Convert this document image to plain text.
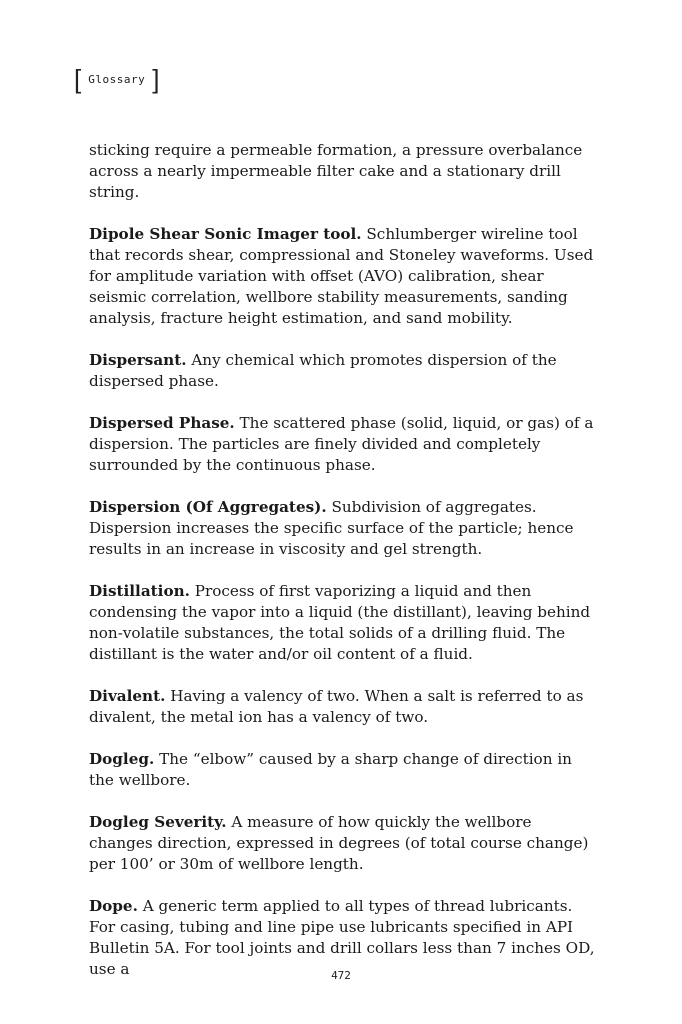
[ Glossary ]

sticking require a permeable formation, a pressure overbalance across a nearly impermeable filter cake and a stationary drill string.

Dipole Shear Sonic Imager tool. Schlumberger wireline tool that records shear, compressional and Stoneley waveforms. Used for amplitude variation with offset (AVO) calibration, shear seismic correlation, wellbore stability measurements, sanding analysis, fracture height estimation, and sand mobility.

Dispersant. Any chemical which promotes dispersion of the dispersed phase.

Dispersed Phase. The scattered phase (solid, liquid, or gas) of a dispersion. The particles are finely divided and completely surrounded by the continuous phase.

Dispersion (Of Aggregates). Subdivision of aggregates. Dispersion increases the specific surface of the particle; hence results in an increase in viscosity and gel strength.

Distillation. Process of first vaporizing a liquid and then condensing the vapor into a liquid (the distillant), leaving behind non-volatile substances, the total solids of a drilling fluid. The distillant is the water and/or oil content of a fluid.

Divalent. Having a valency of two. When a salt is referred to as divalent, the metal ion has a valency of two.

Dogleg. The “elbow” caused by a sharp change of direction in the wellbore.

Dogleg Severity. A measure of how quickly the wellbore changes direction, expressed in degrees (of total course change) per 100’ or 30m of wellbore length.

Dope. A generic term applied to all types of thread lubricants. For casing, tubing and line pipe use lubricants specified in API Bulletin 5A. For tool joints and drill collars less than 7 inches OD, use a	472
